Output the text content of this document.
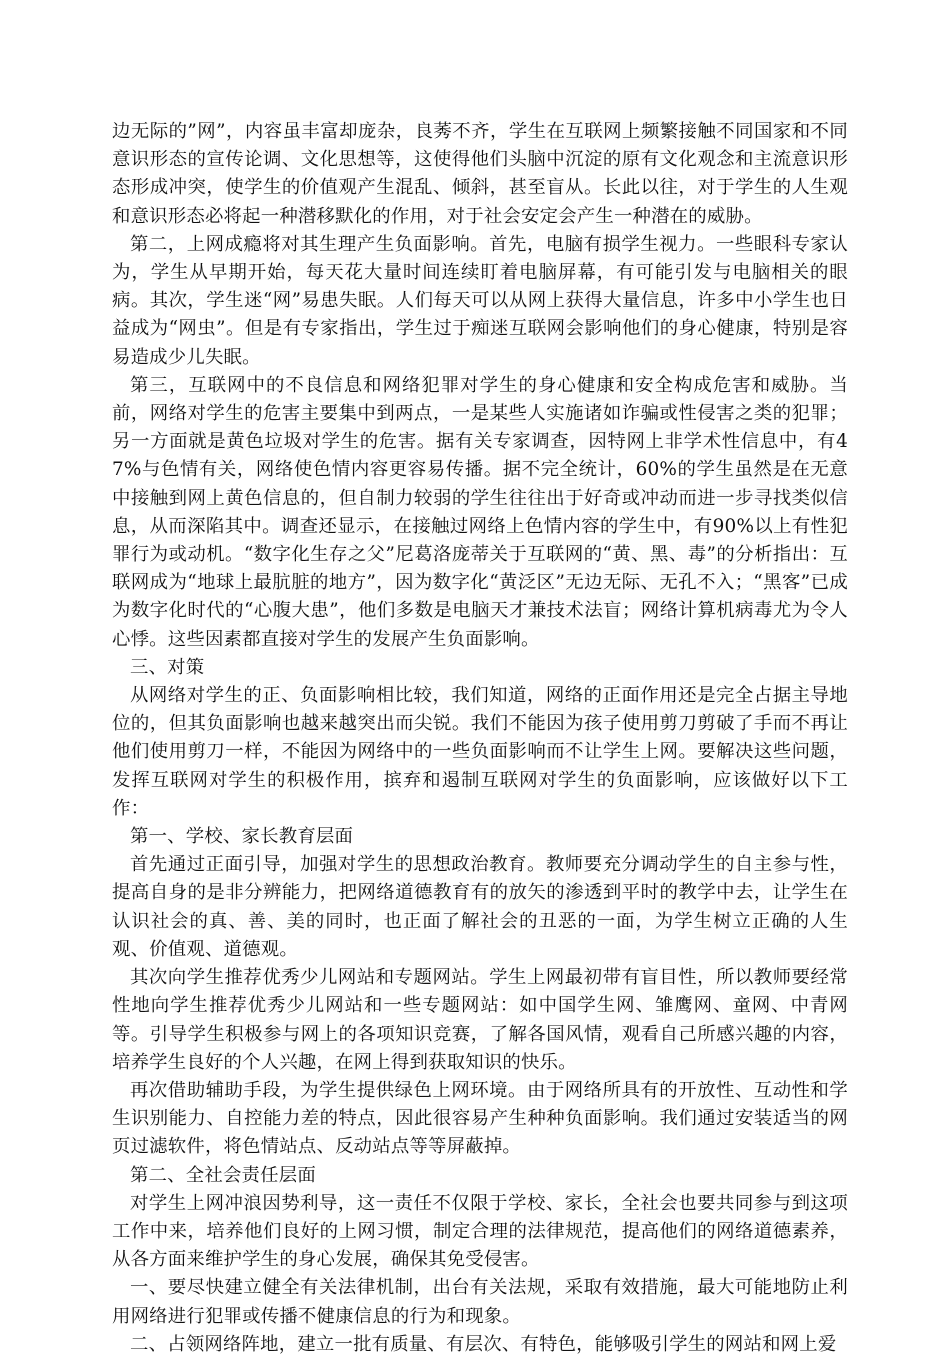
边无际的”网”，内容虽丰富却庞杂，良莠不齐，学生在互联网上频繁接触不同国家和不同意识形态的宣传论调、文化思想等，这使得他们头脑中沉淀的原有文化观念和主流意识形态形成冲突，使学生的价值观产生混乱、倾斜，甚至盲从。长此以往，对于学生的人生观和意识形态必将起一种潜移默化的作用，对于社会安定会产生一种潜在的威胁。

第二，上网成瘾将对其生理产生负面影响。首先，电脑有损学生视力。一些眼科专家认为，学生从早期开始，每天花大量时间连续盯着电脑屏幕，有可能引发与电脑相关的眼病。其次，学生迷“网”易患失眠。人们每天可以从网上获得大量信息，许多中小学生也日益成为“网虫”。但是有专家指出，学生过于痴迷互联网会影响他们的身心健康，特别是容易造成少儿失眠。

第三，互联网中的不良信息和网络犯罪对学生的身心健康和安全构成危害和威胁。当前，网络对学生的危害主要集中到两点，一是某些人实施诸如诈骗或性侵害之类的犯罪；另一方面就是黄色垃圾对学生的危害。据有关专家调查，因特网上非学术性信息中，有47%与色情有关，网络使色情内容更容易传播。据不完全统计，60%的学生虽然是在无意中接触到网上黄色信息的，但自制力较弱的学生往往出于好奇或冲动而进一步寻找类似信息，从而深陷其中。调查还显示，在接触过网络上色情内容的学生中，有90%以上有性犯罪行为或动机。“数字化生存之父”尼葛洛庞蒂关于互联网的“黄、黑、毒”的分析指出：互联网成为“地球上最肮脏的地方”，因为数字化“黄泛区”无边无际、无孔不入；“黑客”已成为数字化时代的“心腹大患”，他们多数是电脑天才兼技术法盲；网络计算机病毒尤为令人心悸。这些因素都直接对学生的发展产生负面影响。

三、对策

从网络对学生的正、负面影响相比较，我们知道，网络的正面作用还是完全占据主导地位的，但其负面影响也越来越突出而尖锐。我们不能因为孩子使用剪刀剪破了手而不再让他们使用剪刀一样，不能因为网络中的一些负面影响而不让学生上网。要解决这些问题，发挥互联网对学生的积极作用，摈弃和遏制互联网对学生的负面影响，应该做好以下工作：

第一、学校、家长教育层面

首先通过正面引导，加强对学生的思想政治教育。教师要充分调动学生的自主参与性，提高自身的是非分辨能力，把网络道德教育有的放矢的渗透到平时的教学中去，让学生在认识社会的真、善、美的同时，也正面了解社会的丑恶的一面，为学生树立正确的人生观、价值观、道德观。

其次向学生推荐优秀少儿网站和专题网站。学生上网最初带有盲目性，所以教师要经常性地向学生推荐优秀少儿网站和一些专题网站：如中国学生网、雏鹰网、童网、中青网等。引导学生积极参与网上的各项知识竞赛，了解各国风情，观看自己所感兴趣的内容，培养学生良好的个人兴趣，在网上得到获取知识的快乐。

再次借助辅助手段，为学生提供绿色上网环境。由于网络所具有的开放性、互动性和学生识别能力、自控能力差的特点，因此很容易产生种种负面影响。我们通过安装适当的网页过滤软件，将色情站点、反动站点等等屏蔽掉。

第二、全社会责任层面

对学生上网冲浪因势利导，这一责任不仅限于学校、家长，全社会也要共同参与到这项工作中来，培养他们良好的上网习惯，制定合理的法律规范，提高他们的网络道德素养，从各方面来维护学生的身心发展，确保其免受侵害。

一、要尽快建立健全有关法律机制，出台有关法规，采取有效措施，最大可能地防止利用网络进行犯罪或传播不健康信息的行为和现象。

二、占领网络阵地，建立一批有质量、有层次、有特色，能够吸引学生的网站和网上爱
